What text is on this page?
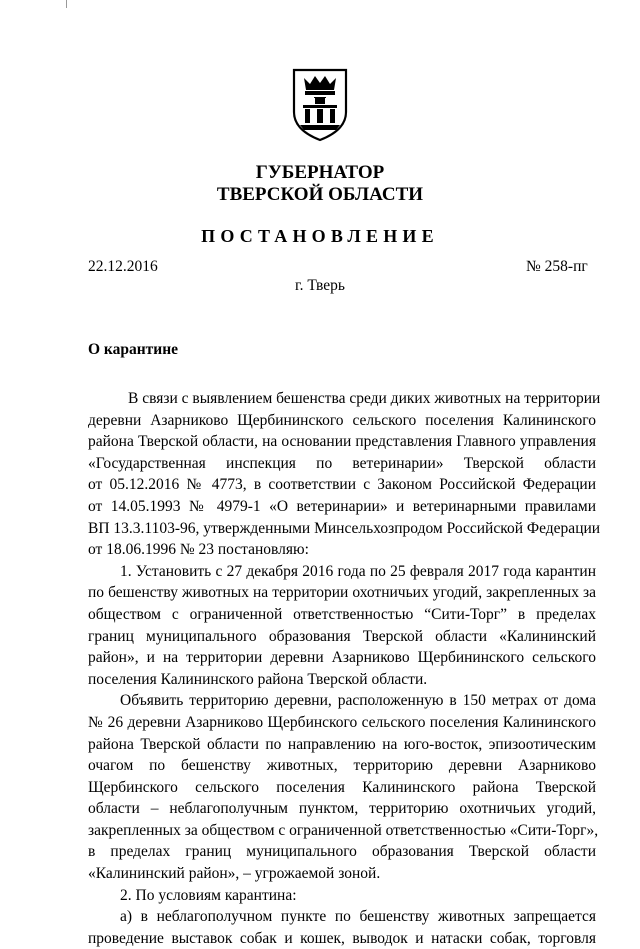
ГУБЕРНАТОР
ТВЕРСКОЙ ОБЛАСТИ
ПОСТАНОВЛЕНИЕ
22.12.2016	№ 258-пг
г. Тверь
О карантине
В связи с выявлением бешенства среди диких животных на территории
деревни Азарниково Щербининского сельского поселения Калининского
района Тверской области, на основании представления Главного управления
«Государственная инспекция по ветеринарии» Тверской области
от 05.12.2016 № 4773, в соответствии с Законом Российской Федерации
от 14.05.1993 № 4979-1 «О ветеринарии» и ветеринарными правилами
ВП 13.3.1103-96, утвержденными Минсельхозпродом Российской Федерации
от 18.06.1996 № 23 постановляю:
1. Установить с 27 декабря 2016 года по 25 февраля 2017 года карантин
по бешенству животных на территории охотничьих угодий, закрепленных за
обществом с ограниченной ответственностью “Сити-Торг” в пределах
границ муниципального образования Тверской области «Калининский
район», и на территории деревни Азарниково Щербининского сельского
поселения Калининского района Тверской области.
Объявить территорию деревни, расположенную в 150 метрах от дома
№ 26 деревни Азарниково Щербинского сельского поселения Калининского
района Тверской области по направлению на юго-восток, эпизоотическим
очагом по бешенству животных, территорию деревни Азарниково
Щербинского сельского поселения Калининского района Тверской
области – неблагополучным пунктом, территорию охотничьих угодий,
закрепленных за обществом с ограниченной ответственностью «Сити-Торг»,
в пределах границ муниципального образования Тверской области
«Калининский район», – угрожаемой зоной.
2. По условиям карантина:
а) в неблагополучном пункте по бешенству животных запрещается
проведение выставок собак и кошек, выводок и натаски собак, торговля
